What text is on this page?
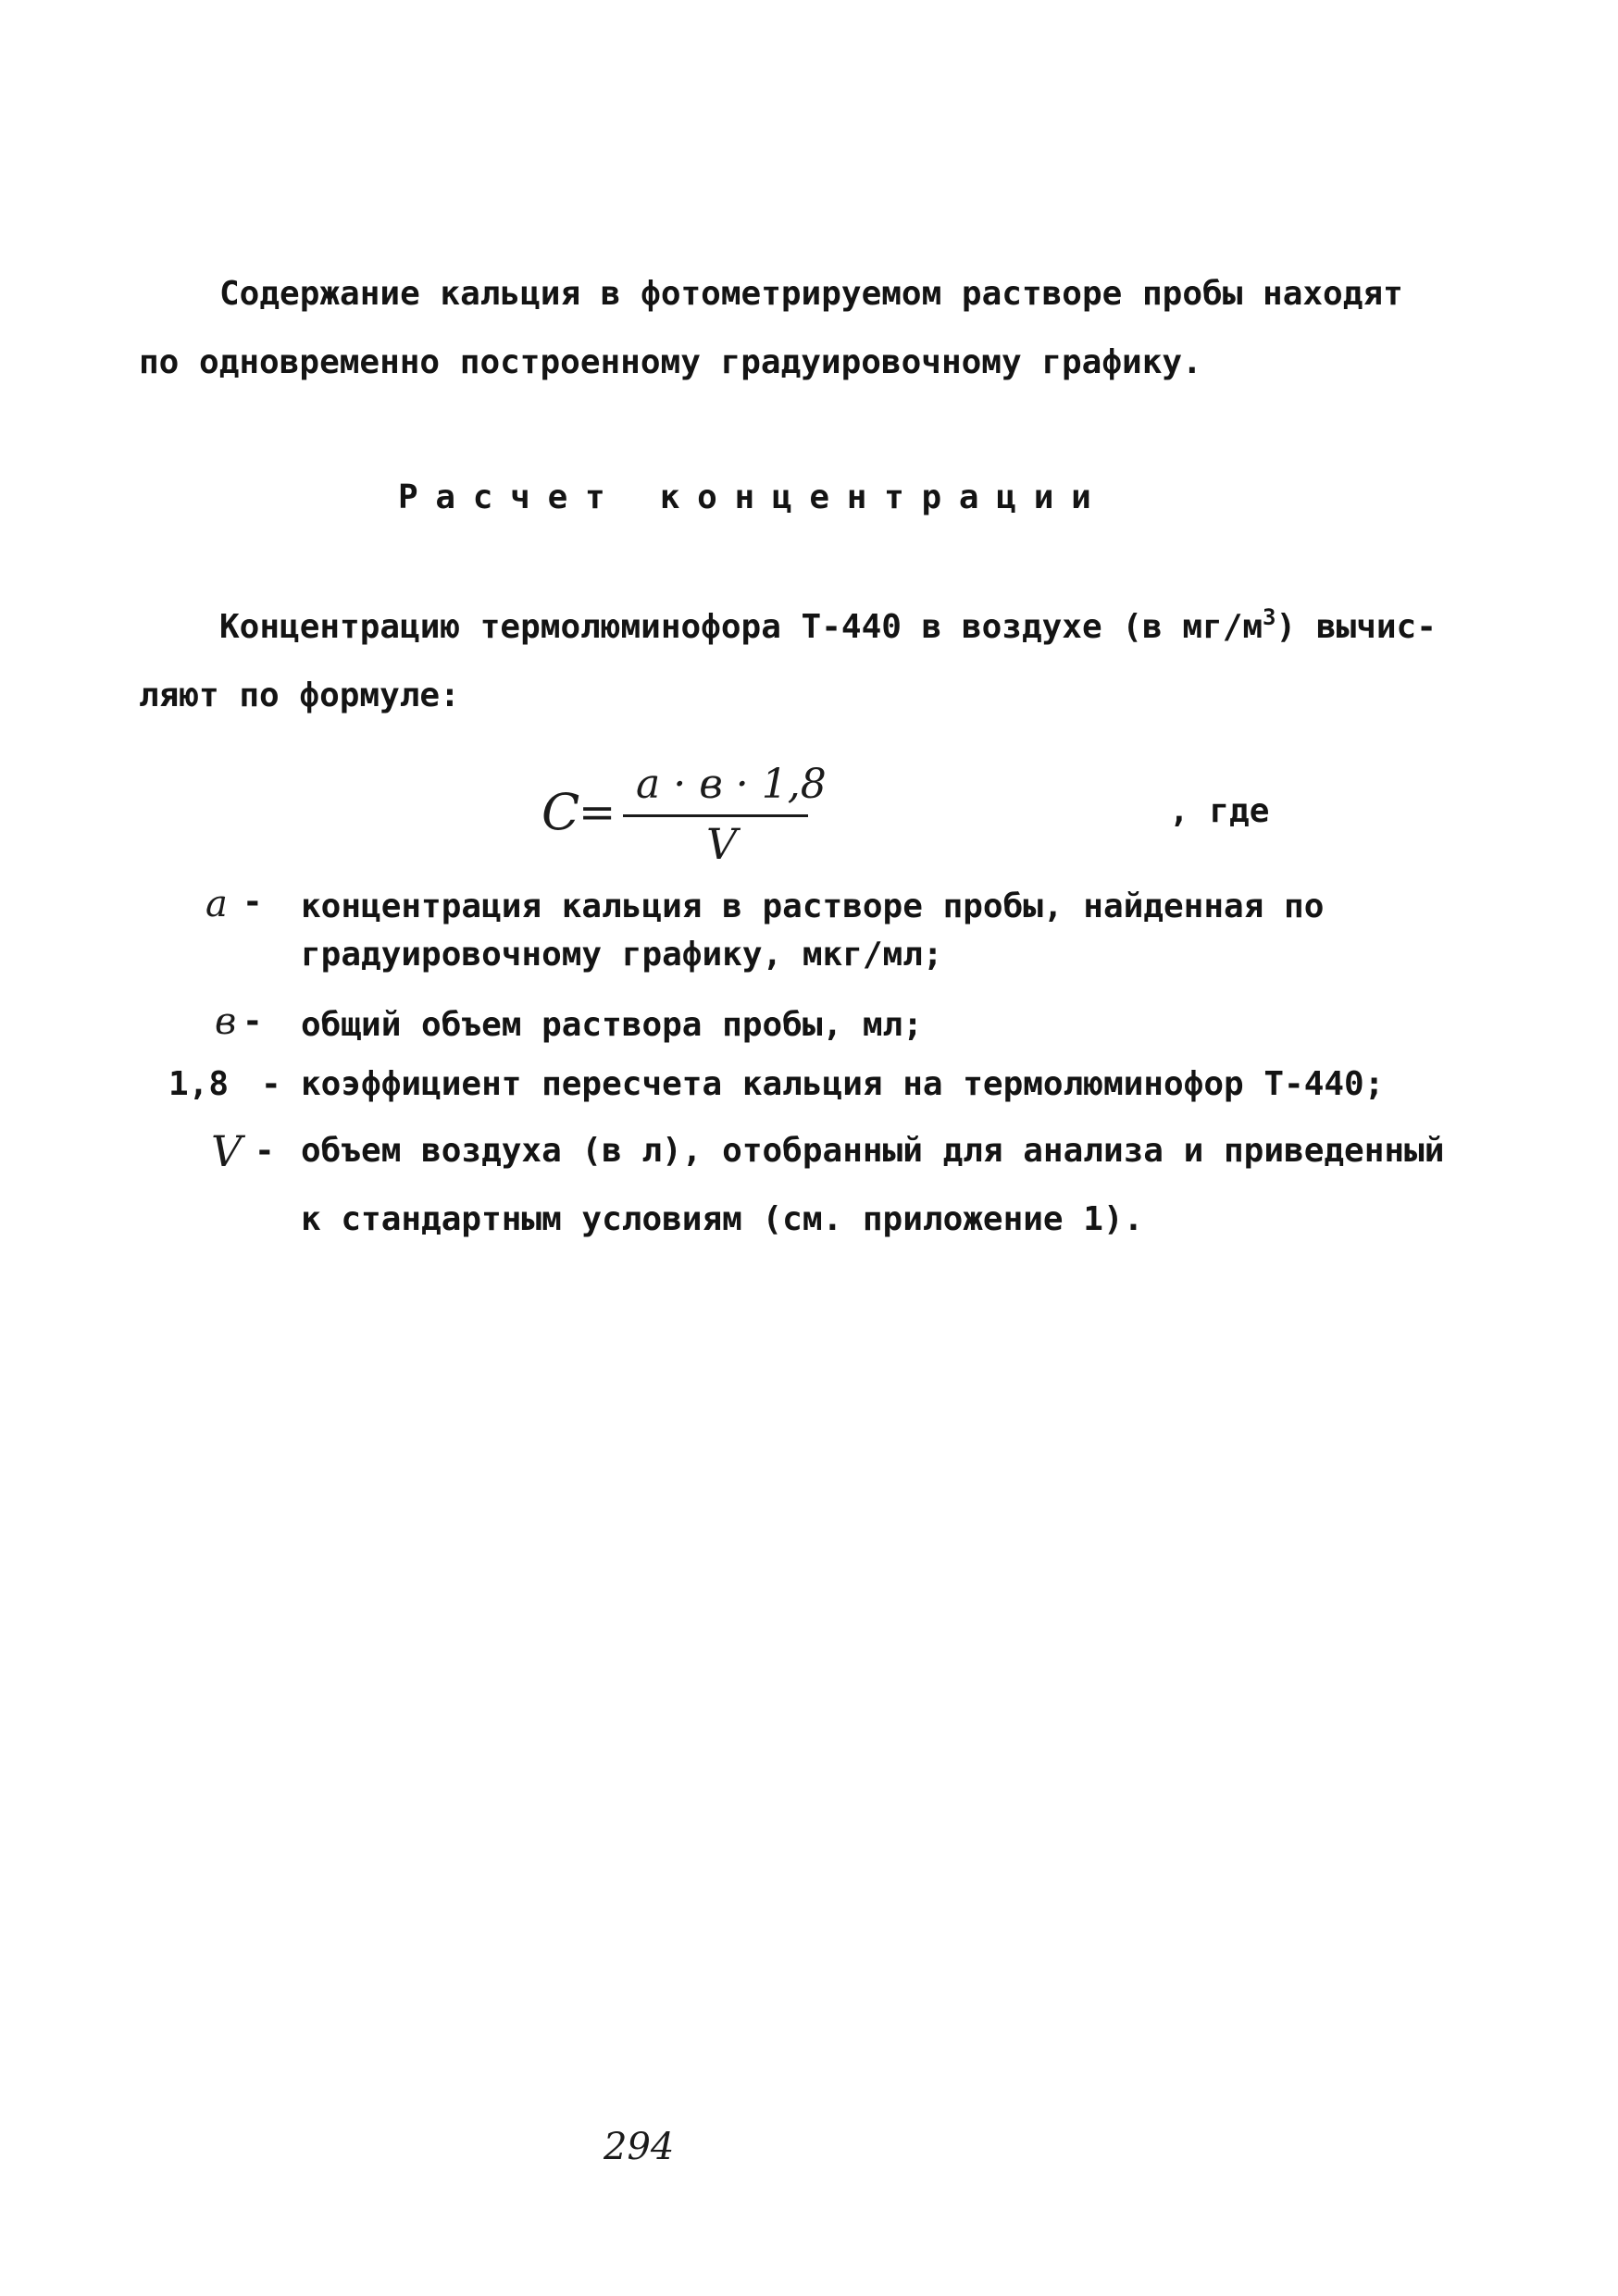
Содержание кальция в фотометрируемом растворе пробы находят
по одновременно построенному градуировочному графику.
Расчет концентрации
Концентрацию термолюминофора Т-440 в воздухе (в $мг/м^3$) вычис-
ляют по формуле:
C
=
a · в · 1,8
V
, где
a - концентрация кальция в растворе пробы, найденная по
градуировочному графику, мкг/мл;
в - общий объем раствора пробы, мл;
1,8 - коэффициент пересчета кальция на термолюминофор Т-440;
V - объем воздуха (в л), отобранный для анализа и приведенный
к стандартным условиям (см. приложение 1).
294
